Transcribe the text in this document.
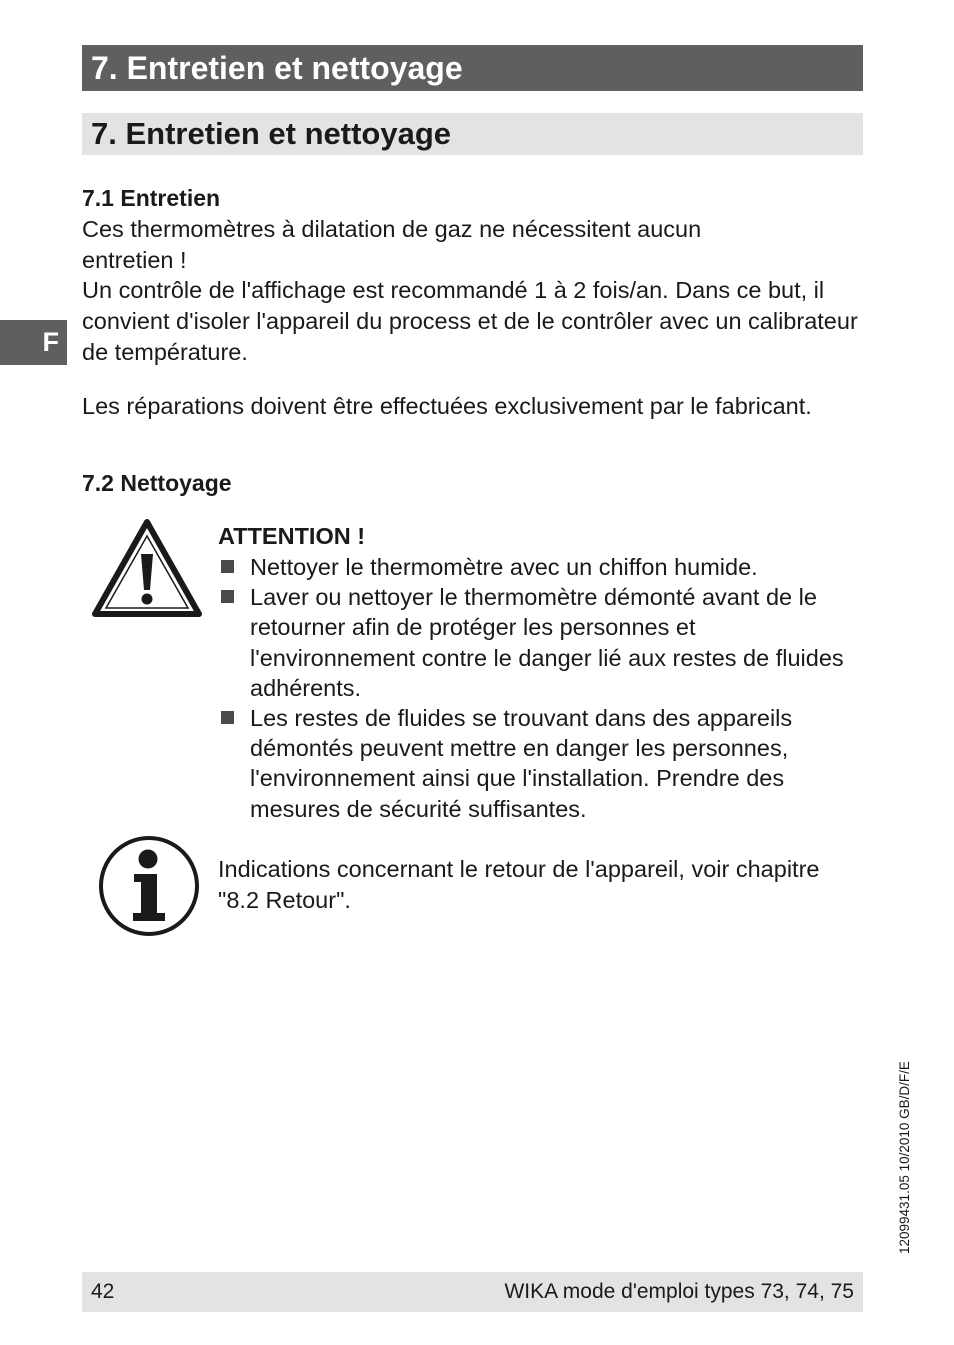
7. Entretien et nettoyage
7. Entretien et nettoyage
F
7.1 Entretien

Ces thermomètres à dilatation de gaz ne nécessitent aucun entretien !

Un contrôle de l'affichage est recommandé 1 à 2 fois/an. Dans ce but, il convient d'isoler l'appareil du process et de le contrôler avec un calibrateur de température.

Les réparations doivent être effectuées exclusivement par le fabricant.

7.2 Nettoyage
ATTENTION !
Nettoyer le thermomètre avec un chiffon humide.
Laver ou nettoyer le thermomètre démonté avant de le retourner afin de protéger les personnes et l'environnement contre le danger lié aux restes de fluides adhérents.
Les restes de fluides se trouvant dans des appareils démontés peuvent mettre en danger les personnes, l'environnement ainsi que l'installation. Prendre des mesures de sécurité suffisantes.

Indications concernant le retour de l'appareil, voir chapitre "8.2 Retour".

12099431.05 10/2010 GB/D/F/E
42	WIKA mode d'emploi types 73, 74, 75
